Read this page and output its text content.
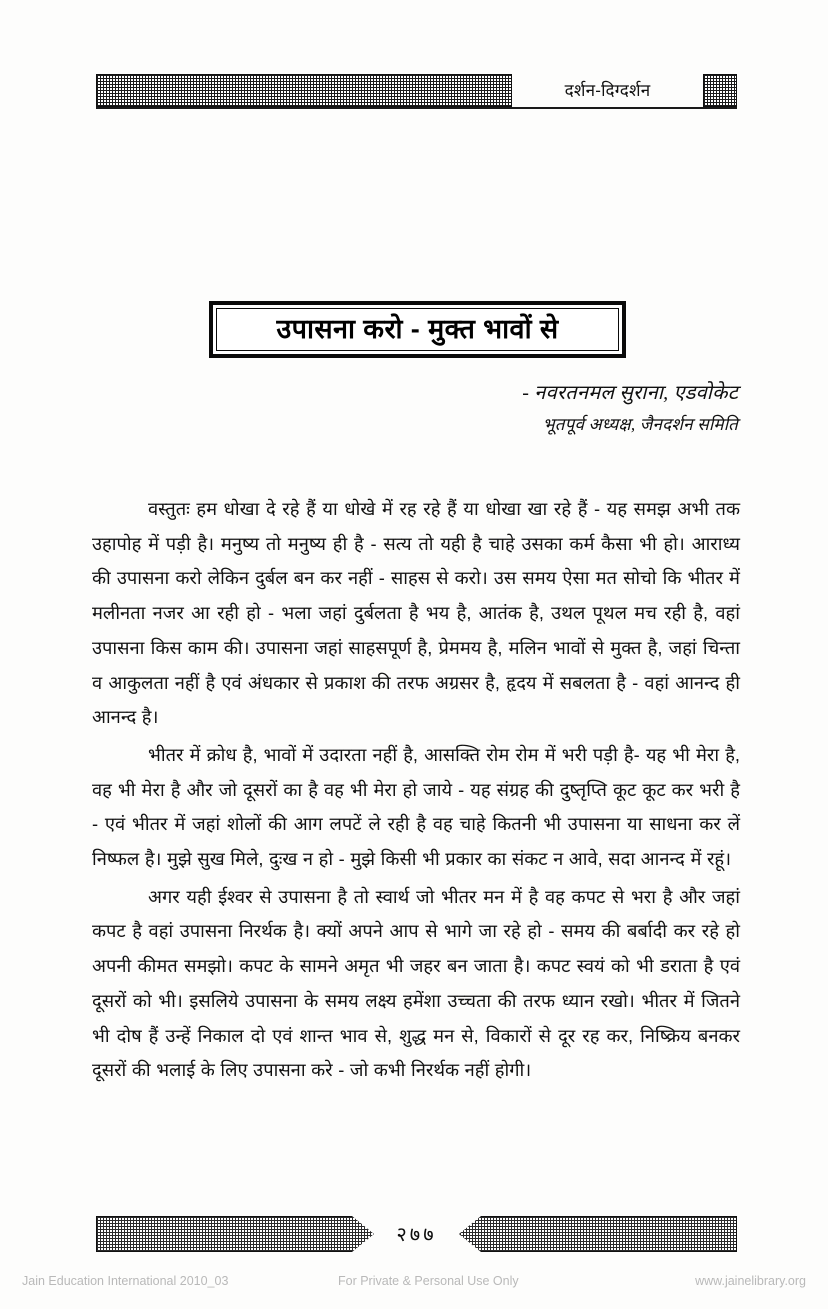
दर्शन-दिग्दर्शन
उपासना करो - मुक्त भावों से
- नवरतनमल सुराना, एडवोकेट
भूतपूर्व अध्यक्ष, जैनदर्शन समिति

वस्तुतः हम धोखा दे रहे हैं या धोखे में रह रहे हैं या धोखा खा रहे हैं - यह समझ अभी तक उहापोह में पड़ी है। मनुष्य तो मनुष्य ही है - सत्य तो यही है चाहे उसका कर्म कैसा भी हो। आराध्य की उपासना करो लेकिन दुर्बल बन कर नहीं - साहस से करो। उस समय ऐसा मत सोचो कि भीतर में मलीनता नजर आ रही हो - भला जहां दुर्बलता है भय है, आतंक है, उथल पूथल मच रही है, वहां उपासना किस काम की। उपासना जहां साहसपूर्ण है, प्रेममय है, मलिन भावों से मुक्त है, जहां चिन्ता व आकुलता नहीं है एवं अंधकार से प्रकाश की तरफ अग्रसर है, हृदय में सबलता है - वहां आनन्द ही आनन्द है।

भीतर में क्रोध है, भावों में उदारता नहीं है, आसक्ति रोम रोम में भरी पड़ी है- यह भी मेरा है, वह भी मेरा है और जो दूसरों का है वह भी मेरा हो जाये - यह संग्रह की दुष्तृप्ति कूट कूट कर भरी है - एवं भीतर में जहां शोलों की आग लपटें ले रही है वह चाहे कितनी भी उपासना या साधना कर लें निष्फल है। मुझे सुख मिले, दुःख न हो - मुझे किसी भी प्रकार का संकट न आवे, सदा आनन्द में रहूं।

अगर यही ईश्वर से उपासना है तो स्वार्थ जो भीतर मन में है वह कपट से भरा है और जहां कपट है वहां उपासना निरर्थक है। क्यों अपने आप से भागे जा रहे हो - समय की बर्बादी कर रहे हो अपनी कीमत समझो। कपट के सामने अमृत भी जहर बन जाता है। कपट स्वयं को भी डराता है एवं दूसरों को भी। इसलिये उपासना के समय लक्ष्य हमेंशा उच्चता की तरफ ध्यान रखो। भीतर में जितने भी दोष हैं उन्हें निकाल दो एवं शान्त भाव से, शुद्ध मन से, विकारों से दूर रह कर, निष्क्रिय बनकर दूसरों की भलाई के लिए उपासना करे - जो कभी निरर्थक नहीं होगी।

२७७
Jain Education International 2010_03	For Private & Personal Use Only	www.jainelibrary.org
